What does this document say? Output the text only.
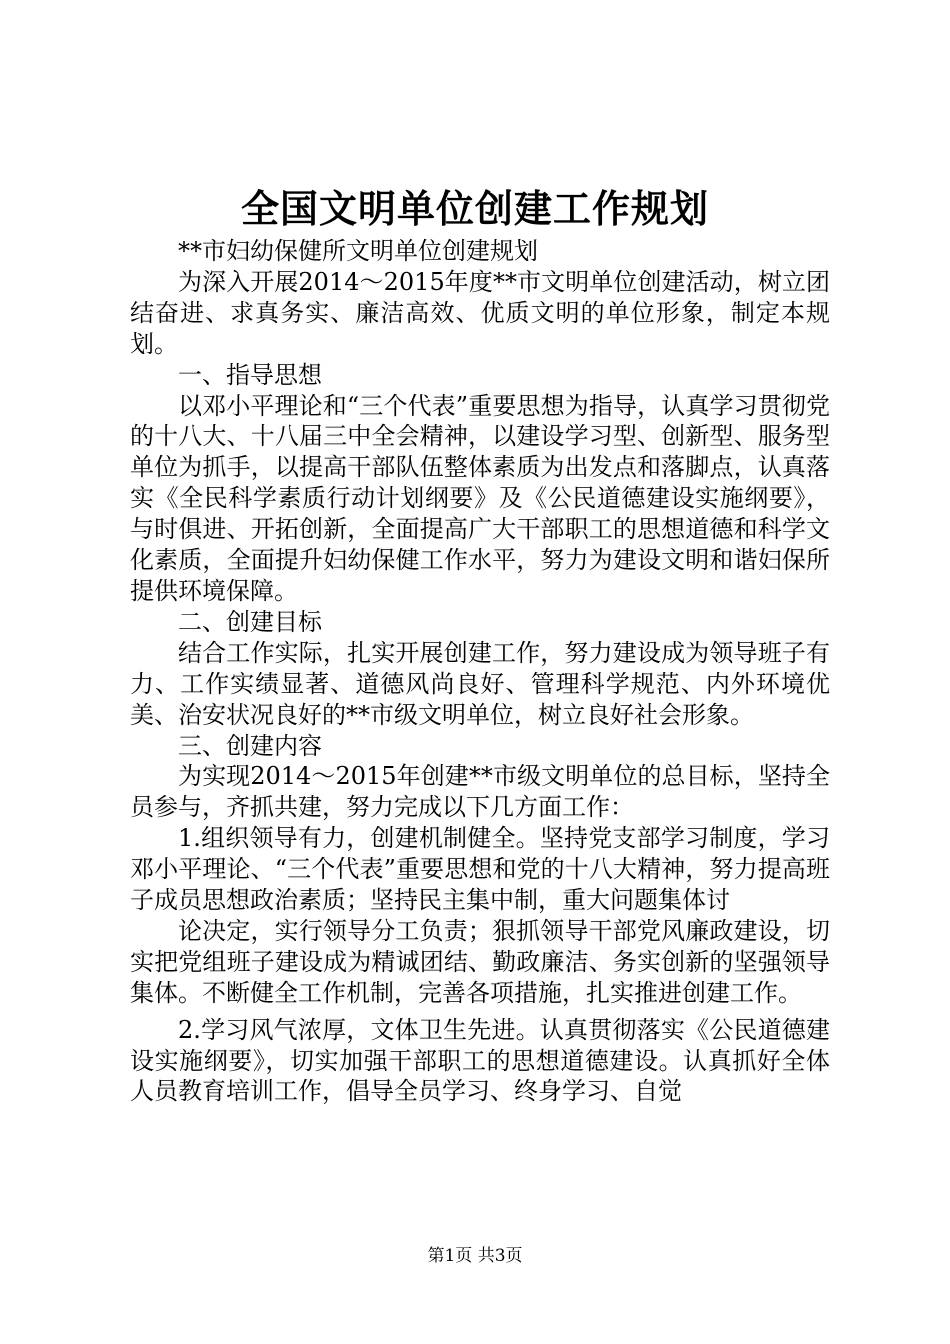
全国文明单位创建工作规划

**市妇幼保健所文明单位创建规划

为深入开展2014～2015年度**市文明单位创建活动，树立团结奋进、求真务实、廉洁高效、优质文明的单位形象，制定本规划。

一、指导思想

以邓小平理论和“三个代表”重要思想为指导，认真学习贯彻党的十八大、十八届三中全会精神，以建设学习型、创新型、服务型单位为抓手，以提高干部队伍整体素质为出发点和落脚点，认真落实《全民科学素质行动计划纲要》及《公民道德建设实施纲要》，与时俱进、开拓创新，全面提高广大干部职工的思想道德和科学文化素质，全面提升妇幼保健工作水平，努力为建设文明和谐妇保所提供环境保障。

二、创建目标

结合工作实际，扎实开展创建工作，努力建设成为领导班子有力、工作实绩显著、道德风尚良好、管理科学规范、内外环境优美、治安状况良好的**市级文明单位，树立良好社会形象。

三、创建内容

为实现2014～2015年创建**市级文明单位的总目标，坚持全员参与，齐抓共建，努力完成以下几方面工作：

1.组织领导有力，创建机制健全。坚持党支部学习制度，学习邓小平理论、“三个代表”重要思想和党的十八大精神，努力提高班子成员思想政治素质；坚持民主集中制，重大问题集体讨

论决定，实行领导分工负责；狠抓领导干部党风廉政建设，切实把党组班子建设成为精诚团结、勤政廉洁、务实创新的坚强领导集体。不断健全工作机制，完善各项措施，扎实推进创建工作。

2.学习风气浓厚，文体卫生先进。认真贯彻落实《公民道德建设实施纲要》，切实加强干部职工的思想道德建设。认真抓好全体人员教育培训工作，倡导全员学习、终身学习、自觉

第1页 共3页
